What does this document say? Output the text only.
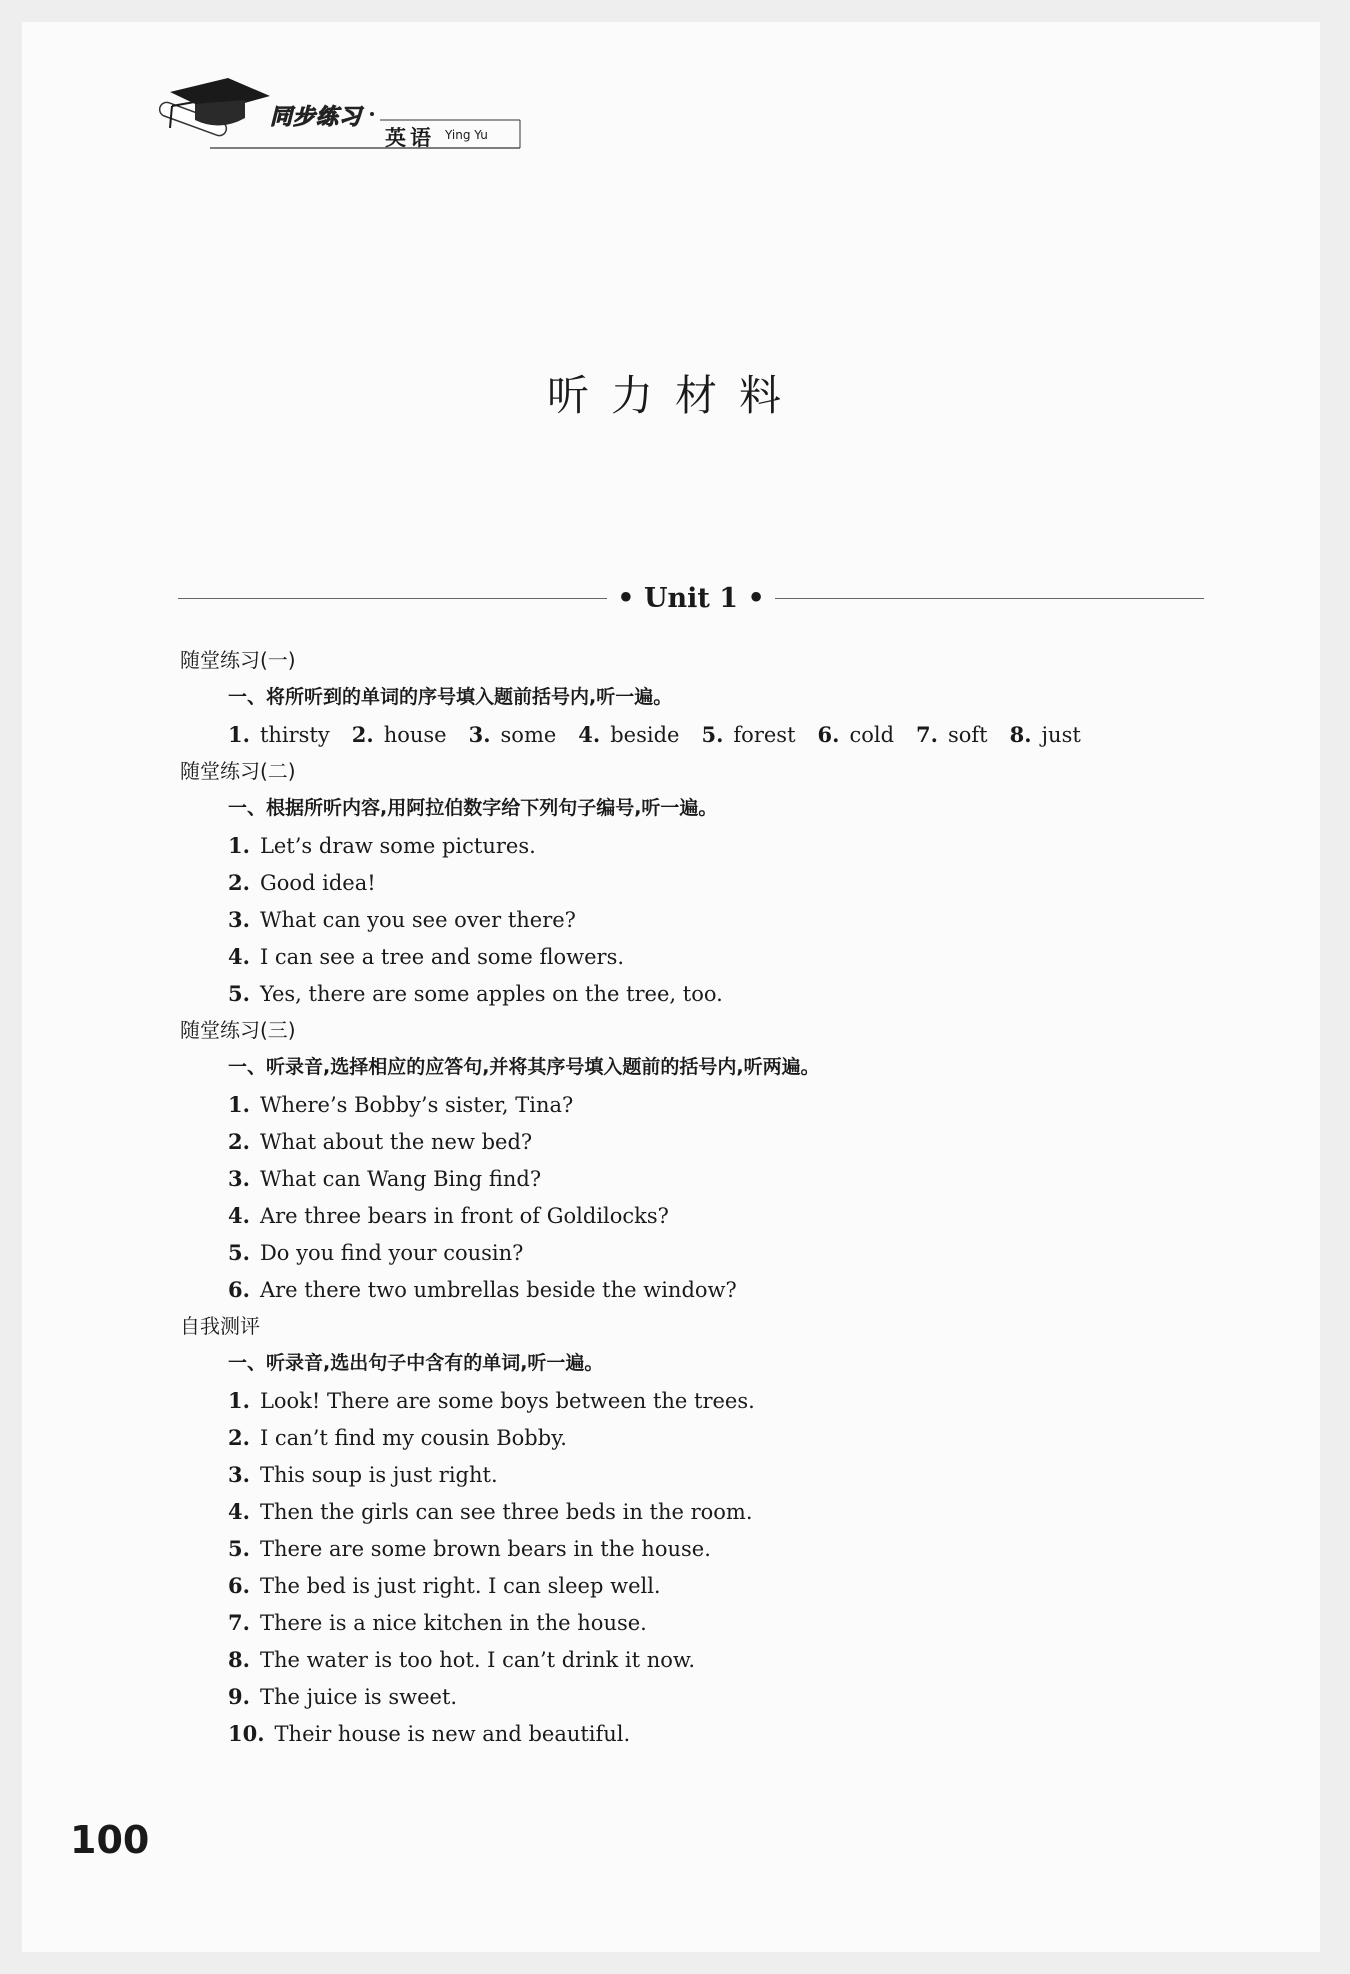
同步练习
英语 Ying Yu
听力材料
• Unit 1 •
随堂练习(一)
一、将所听到的单词的序号填入题前括号内,听一遍。
1. thirsty 2. house 3. some 4. beside 5. forest 6. cold 7. soft 8. just
随堂练习(二)
一、根据所听内容,用阿拉伯数字给下列句子编号,听一遍。
1. Let’s draw some pictures.
2. Good idea!
3. What can you see over there?
4. I can see a tree and some flowers.
5. Yes, there are some apples on the tree, too.
随堂练习(三)
一、听录音,选择相应的应答句,并将其序号填入题前的括号内,听两遍。
1. Where’s Bobby’s sister, Tina?
2. What about the new bed?
3. What can Wang Bing find?
4. Are three bears in front of Goldilocks?
5. Do you find your cousin?
6. Are there two umbrellas beside the window?
自我测评
一、听录音,选出句子中含有的单词,听一遍。
1. Look! There are some boys between the trees.
2. I can’t find my cousin Bobby.
3. This soup is just right.
4. Then the girls can see three beds in the room.
5. There are some brown bears in the house.
6. The bed is just right. I can sleep well.
7. There is a nice kitchen in the house.
8. The water is too hot. I can’t drink it now.
9. The juice is sweet.
10. Their house is new and beautiful.
100
